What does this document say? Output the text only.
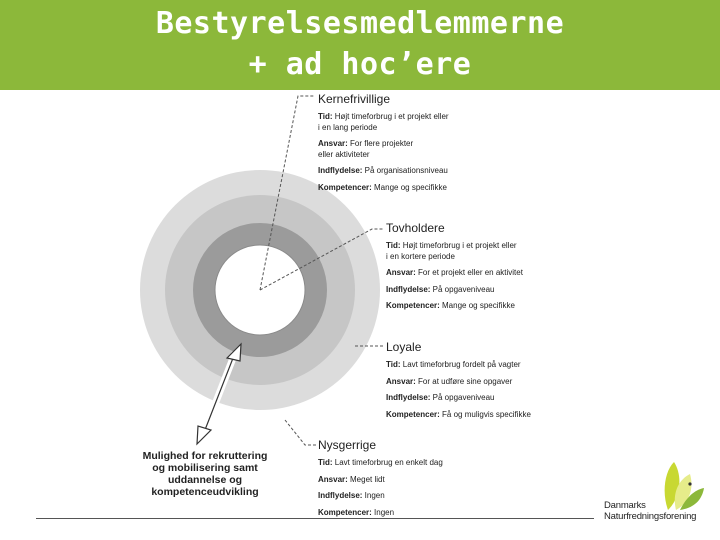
Bestyrelsesmedlemmerne
+ ad hoc’ere
Kernefrivillige
Tid: Højt timeforbrug i et projekt eller
i en lang periode
Ansvar: For flere projekter
eller aktiviteter
Indflydelse: På organisationsniveau
Kompetencer: Mange og specifikke
Tovholdere
Tid: Højt timeforbrug i et projekt eller
i en kortere periode
Ansvar: For et projekt eller en aktivitet
Indflydelse: På opgaveniveau
Kompetencer: Mange og specifikke
Loyale
Tid: Lavt timeforbrug fordelt på vagter
Ansvar: For at udføre sine opgaver
Indflydelse: På opgaveniveau
Kompetencer: Få og muligvis specifikke
Nysgerrige
Tid: Lavt timeforbrug en enkelt dag
Ansvar: Meget lidt
Indflydelse: Ingen
Kompetencer: Ingen
Mulighed for rekruttering
og mobilisering samt
uddannelse og
kompetenceudvikling
Danmarks
Naturfredningsforening
